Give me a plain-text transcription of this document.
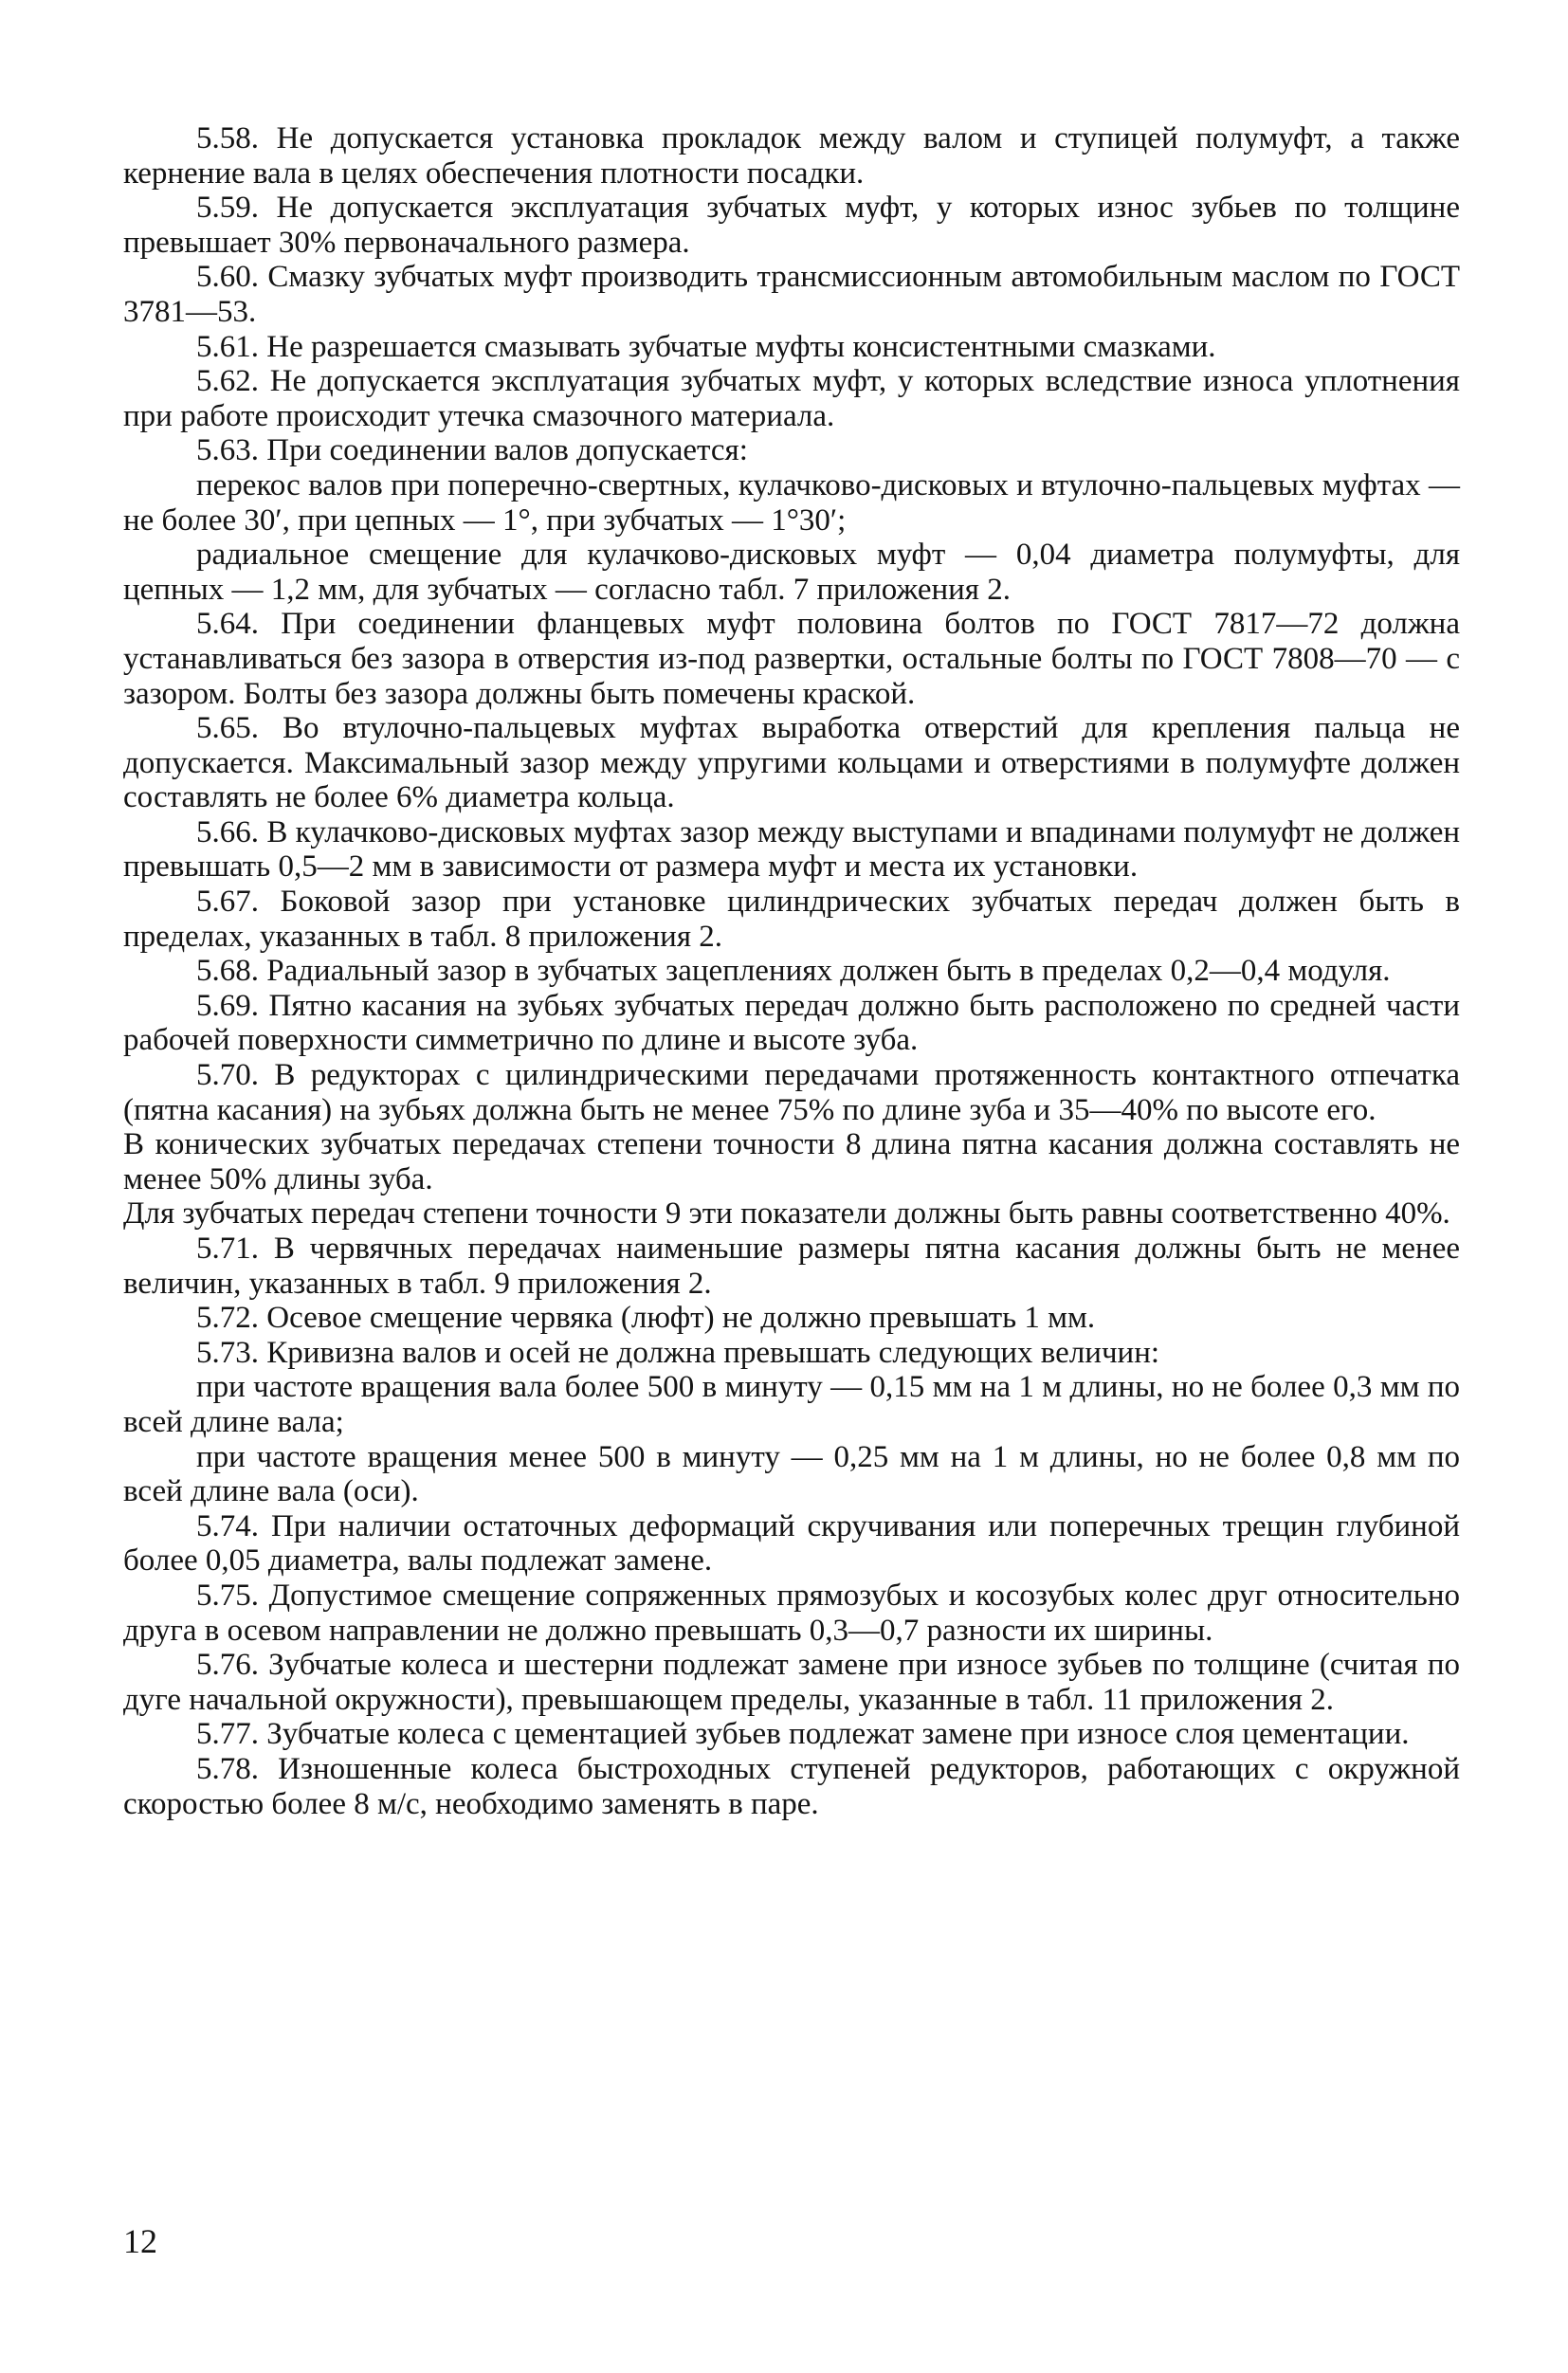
5.58. Не допускается установка прокладок между валом и ступицей полумуфт, а также кернение вала в целях обеспечения плотности посадки.

5.59. Не допускается эксплуатация зубчатых муфт, у которых износ зубьев по толщине превышает 30% первоначального размера.

5.60. Смазку зубчатых муфт производить трансмиссионным автомобильным маслом по ГОСТ 3781—53.

5.61. Не разрешается смазывать зубчатые муфты консистентными смазками.

5.62. Не допускается эксплуатация зубчатых муфт, у которых вследствие износа уплотнения при работе происходит утечка смазочного материала.

5.63. При соединении валов допускается:

перекос валов при поперечно-свертных, кулачково-дисковых и втулочно-пальцевых муфтах — не более 30′, при цепных — 1°, при зубчатых — 1°30′;

радиальное смещение для кулачково-дисковых муфт — 0,04 диаметра полумуфты, для цепных — 1,2 мм, для зубчатых — согласно табл. 7 приложения 2.

5.64. При соединении фланцевых муфт половина болтов по ГОСТ 7817—72 должна устанавливаться без зазора в отверстия из-под развертки, остальные болты по ГОСТ 7808—70 — с зазором. Болты без зазора должны быть помечены краской.

5.65. Во втулочно-пальцевых муфтах выработка отверстий для крепления пальца не допускается. Максимальный зазор между упругими кольцами и отверстиями в полумуфте должен составлять не более 6% диаметра кольца.

5.66. В кулачково-дисковых муфтах зазор между выступами и впадинами полумуфт не должен превышать 0,5—2 мм в зависимости от размера муфт и места их установки.

5.67. Боковой зазор при установке цилиндрических зубчатых передач должен быть в пределах, указанных в табл. 8 приложения 2.

5.68. Радиальный зазор в зубчатых зацеплениях должен быть в пределах 0,2—0,4 модуля.

5.69. Пятно касания на зубьях зубчатых передач должно быть расположено по средней части рабочей поверхности симметрично по длине и высоте зуба.

5.70. В редукторах с цилиндрическими передачами протяженность контактного отпечатка (пятна касания) на зубьях должна быть не менее 75% по длине зуба и 35—40% по высоте его.

В конических зубчатых передачах степени точности 8 длина пятна касания должна составлять не менее 50% длины зуба.

Для зубчатых передач степени точности 9 эти показатели должны быть равны соответственно 40%.

5.71. В червячных передачах наименьшие размеры пятна касания должны быть не менее величин, указанных в табл. 9 приложения 2.

5.72. Осевое смещение червяка (люфт) не должно превышать 1 мм.

5.73. Кривизна валов и осей не должна превышать следующих величин:

при частоте вращения вала более 500 в минуту — 0,15 мм на 1 м длины, но не более 0,3 мм по всей длине вала;

при частоте вращения менее 500 в минуту — 0,25 мм на 1 м длины, но не более 0,8 мм по всей длине вала (оси).

5.74. При наличии остаточных деформаций скручивания или поперечных трещин глубиной более 0,05 диаметра, валы подлежат замене.

5.75. Допустимое смещение сопряженных прямозубых и косозубых колес друг относительно друга в осевом направлении не должно превышать 0,3—0,7 разности их ширины.

5.76. Зубчатые колеса и шестерни подлежат замене при износе зубьев по толщине (считая по дуге начальной окружности), превышающем пределы, указанные в табл. 11 приложения 2.

5.77. Зубчатые колеса с цементацией зубьев подлежат замене при износе слоя цементации.

5.78. Изношенные колеса быстроходных ступеней редукторов, работающих с окружной скоростью более 8 м/с, необходимо заменять в паре.

12
